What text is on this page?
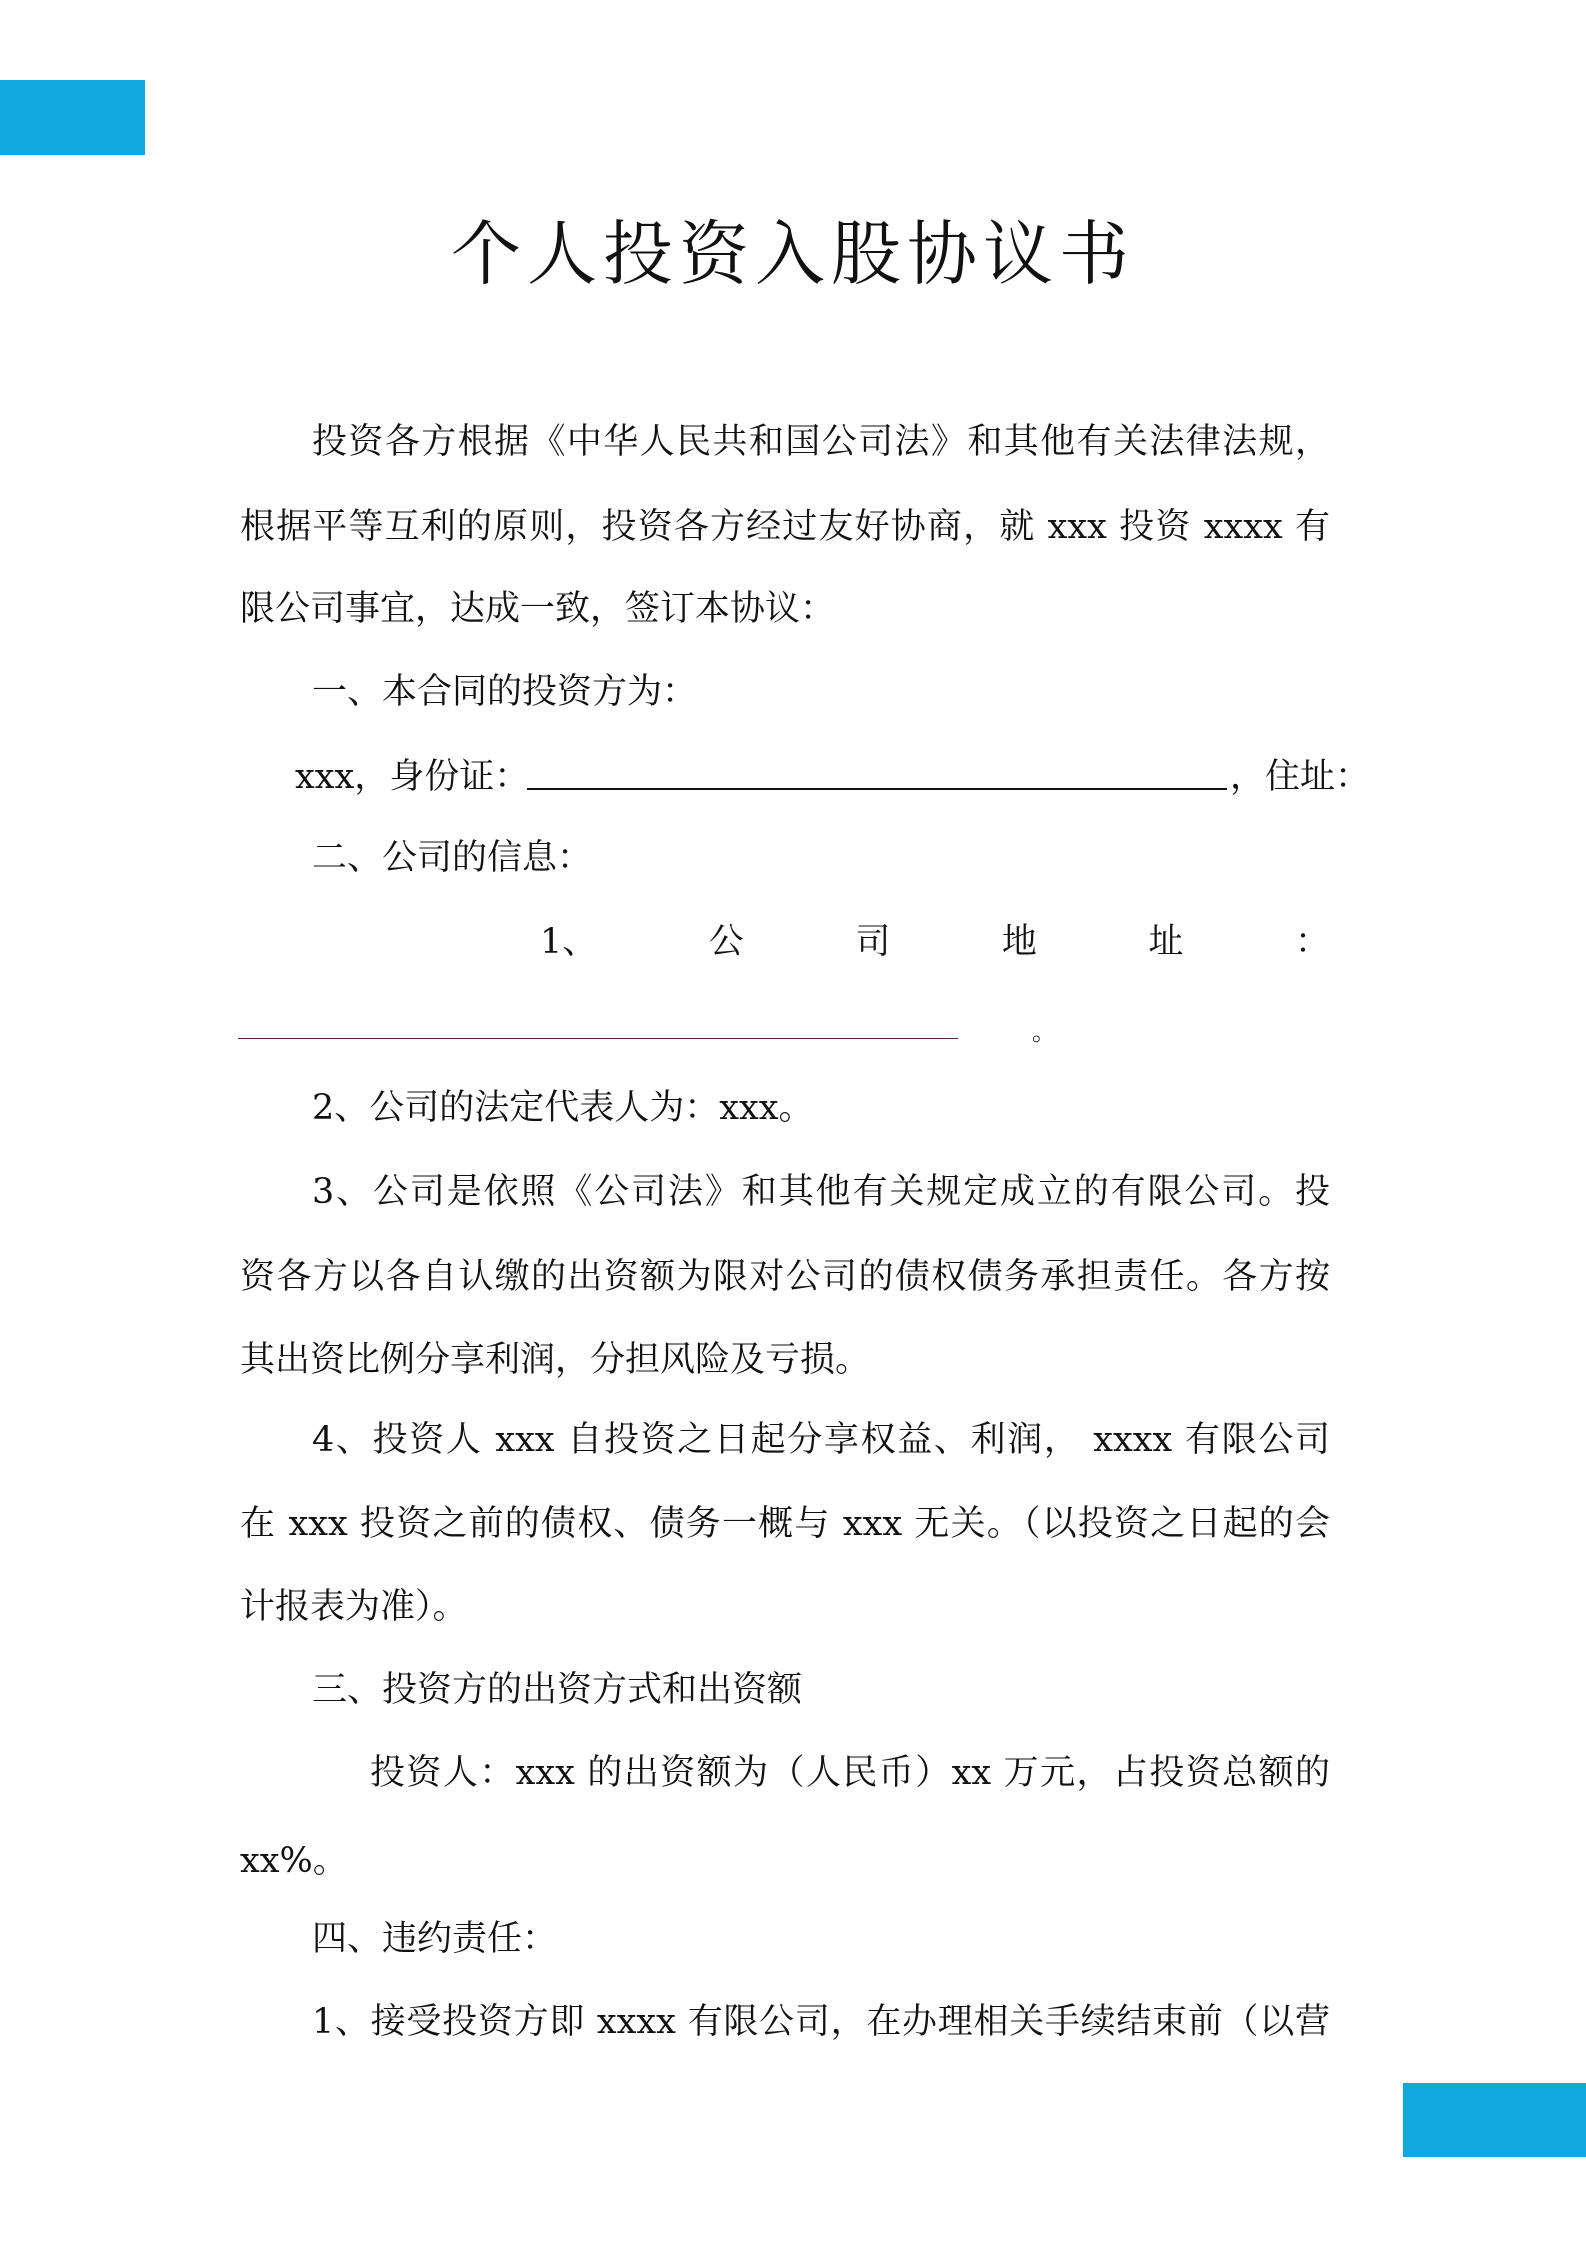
个人投资入股协议书
投资各方根据《中华人民共和国公司法》和其他有关法律法规，
根据平等互利的原则，投资各方经过友好协商，就 xxx 投资 xxxx 有
限公司事宜，达成一致，签订本协议：
一、本合同的投资方为：
xxx，身份证：	，住址：
二、公司的信息：
1、	公	司	地	址	：
。
2、公司的法定代表人为：xxx。
3、公司是依照《公司法》和其他有关规定成立的有限公司。投
资各方以各自认缴的出资额为限对公司的债权债务承担责任。各方按
其出资比例分享利润，分担风险及亏损。
4、投资人 xxx 自投资之日起分享权益、利润， xxxx 有限公司
在 xxx 投资之前的债权、债务一概与 xxx 无关。（以投资之日起的会
计报表为准）。
三、投资方的出资方式和出资额
投资人：xxx 的出资额为（人民币）xx 万元，占投资总额的
xx%。
四、违约责任：
1、接受投资方即 xxxx 有限公司，在办理相关手续结束前（以营
